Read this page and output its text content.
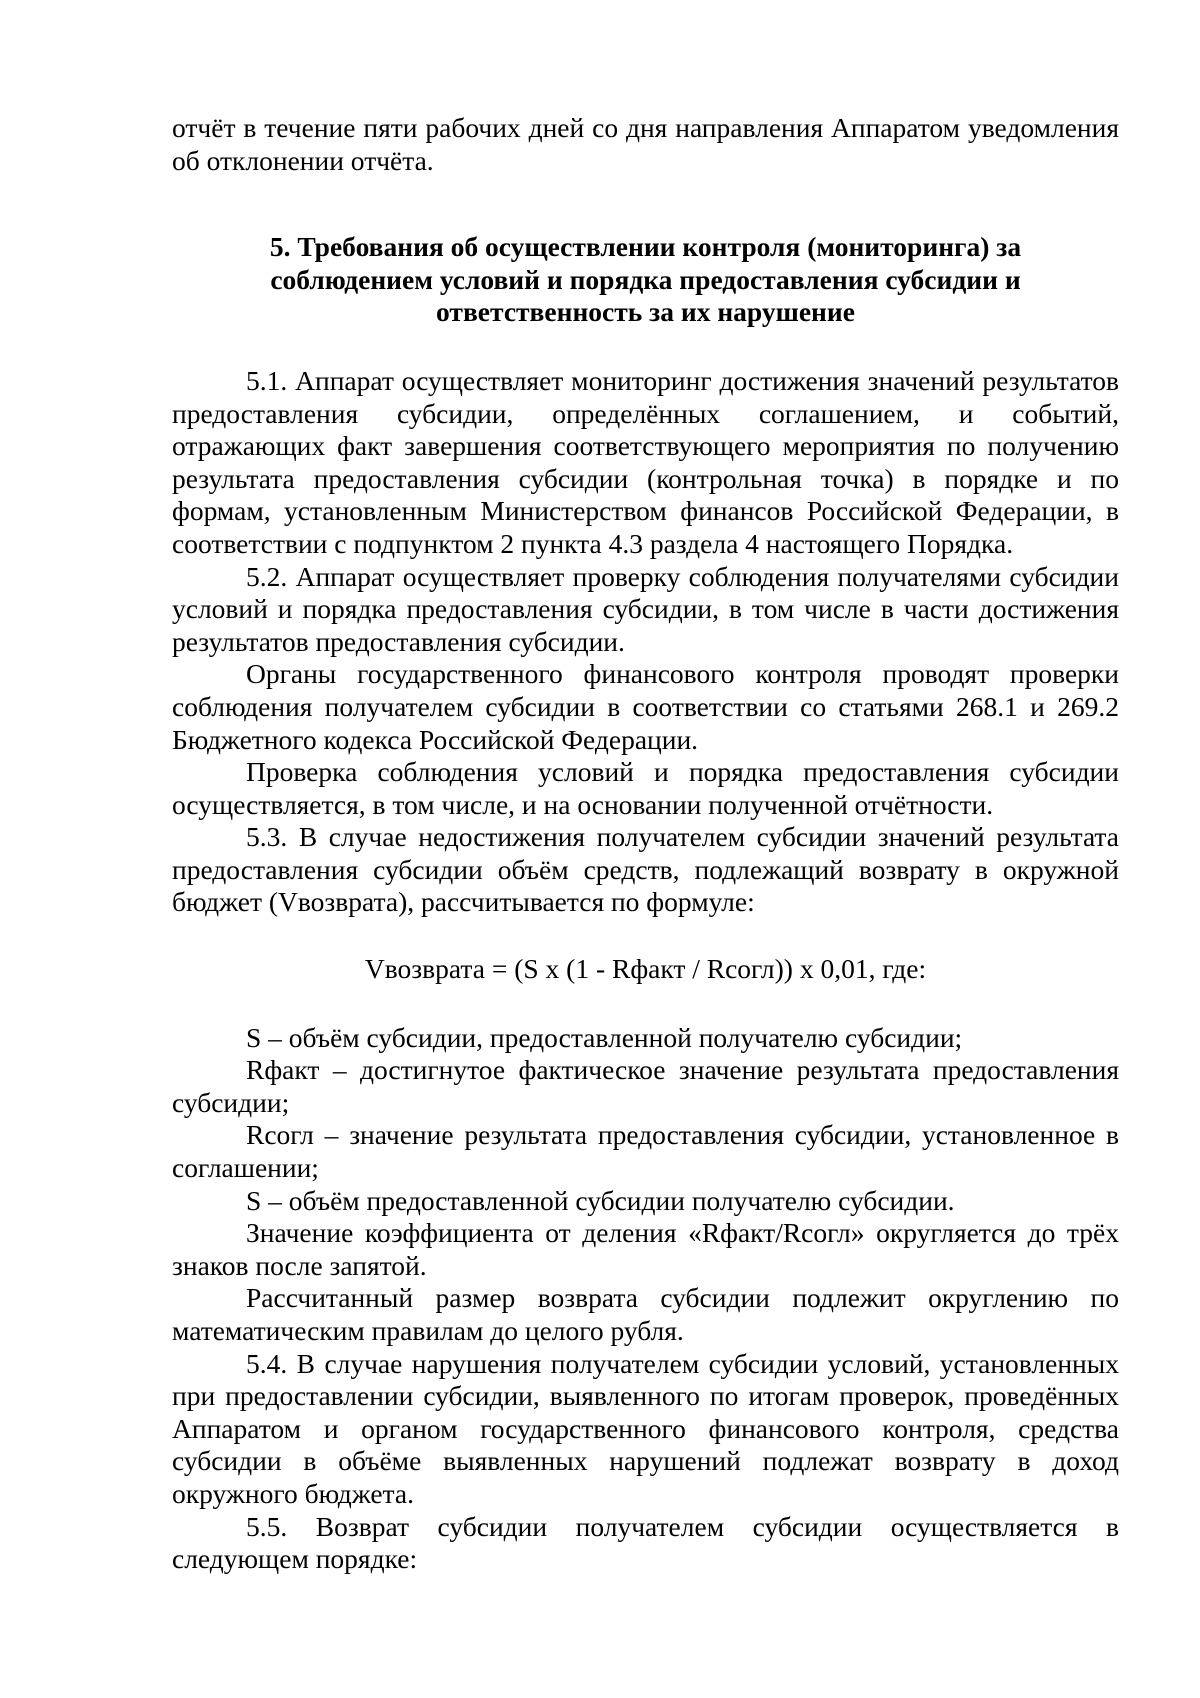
отчёт в течение пяти рабочих дней со дня направления Аппаратом уведомления об отклонении отчёта.

5. Требования об осуществлении контроля (мониторинга) за
соблюдением условий и порядка предоставления субсидии и
ответственность за их нарушение

5.1. Аппарат осуществляет мониторинг достижения значений результатов предоставления субсидии, определённых соглашением, и событий, отражающих факт завершения соответствующего мероприятия по получению результата предоставления субсидии (контрольная точка) в порядке и по формам, установленным Министерством финансов Российской Федерации, в соответствии с подпунктом 2 пункта 4.3 раздела 4 настоящего Порядка.

5.2. Аппарат осуществляет проверку соблюдения получателями субсидии условий и порядка предоставления субсидии, в том числе в части достижения результатов предоставления субсидии.

Органы государственного финансового контроля проводят проверки соблюдения получателем субсидии в соответствии со статьями 268.1 и 269.2 Бюджетного кодекса Российской Федерации.

Проверка соблюдения условий и порядка предоставления субсидии осуществляется, в том числе, и на основании полученной отчётности.

5.3. В случае недостижения получателем субсидии значений результата предоставления субсидии объём средств, подлежащий возврату в окружной бюджет (Vвозврата), рассчитывается по формуле:

Vвозврата = (S x (1 - Rфакт / Rсогл)) x 0,01, где:

S – объём субсидии, предоставленной получателю субсидии;

Rфакт – достигнутое фактическое значение результата предоставления субсидии;

Rсогл – значение результата предоставления субсидии, установленное в соглашении;

S – объём предоставленной субсидии получателю субсидии.

Значение коэффициента от деления «Rфакт/Rсогл» округляется до трёх знаков после запятой.

Рассчитанный размер возврата субсидии подлежит округлению по математическим правилам до целого рубля.

5.4. В случае нарушения получателем субсидии условий, установленных при предоставлении субсидии, выявленного по итогам проверок, проведённых Аппаратом и органом государственного финансового контроля, средства субсидии в объёме выявленных нарушений подлежат возврату в доход окружного бюджета.

5.5. Возврат субсидии получателем субсидии осуществляется в следующем порядке:
